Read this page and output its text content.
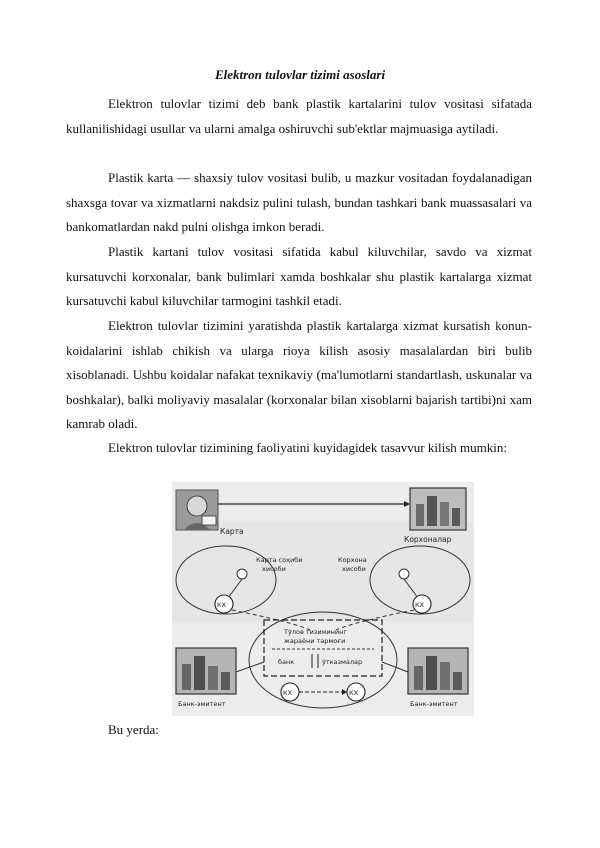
Elektron tulovlar tizimi asoslari

Elektron tulovlar tizimi deb bank plastik kartalarini tulov vositasi sifatada kullanilishidagi usullar va ularni amalga oshiruvchi sub'ektlar majmuasiga aytiladi.

Plastik karta — shaxsiy tulov vositasi bulib, u mazkur vositadan foydalanadigan shaxsga tovar va xizmatlarni nakdsiz pulini tulash, bundan tashkari bank muassasalari va bankomatlardan nakd pulni olishga imkon beradi.

Plastik kartani tulov vositasi sifatida kabul kiluvchilar, savdo va xizmat kursatuvchi korxonalar, bank bulimlari xamda boshkalar shu plastik kartalarga xizmat kursatuvchi kabul kiluvchilar tarmogini tashkil etadi.

Elektron tulovlar tizimini yaratishda plastik kartalarga xizmat kursatish konun-koidalarini ishlab chikish va ularga rioya kilish asosiy masalalardan biri bulib xisoblanadi. Ushbu koidalar nafakat texnikaviy (ma'lumotlarni standartlash, uskunalar va boshkalar), balki moliyaviy masalalar (korxonalar bilan xisoblarni bajarish tartibi)ni xam kamrab oladi.

Elektron tulovlar tizimining faoliyatini kuyidagidek tasavvur kilish mumkin:

Карта
Корхоналар
Карта соҳиби
хисоби
Корхона
хисоби
КХ	КХ
Тўлов тизимининг
жараёни тармоғи
банк	ўтказмалар
КХ	КХ
Банк-эмитент	Банк-эмитент
Bu yerda:
